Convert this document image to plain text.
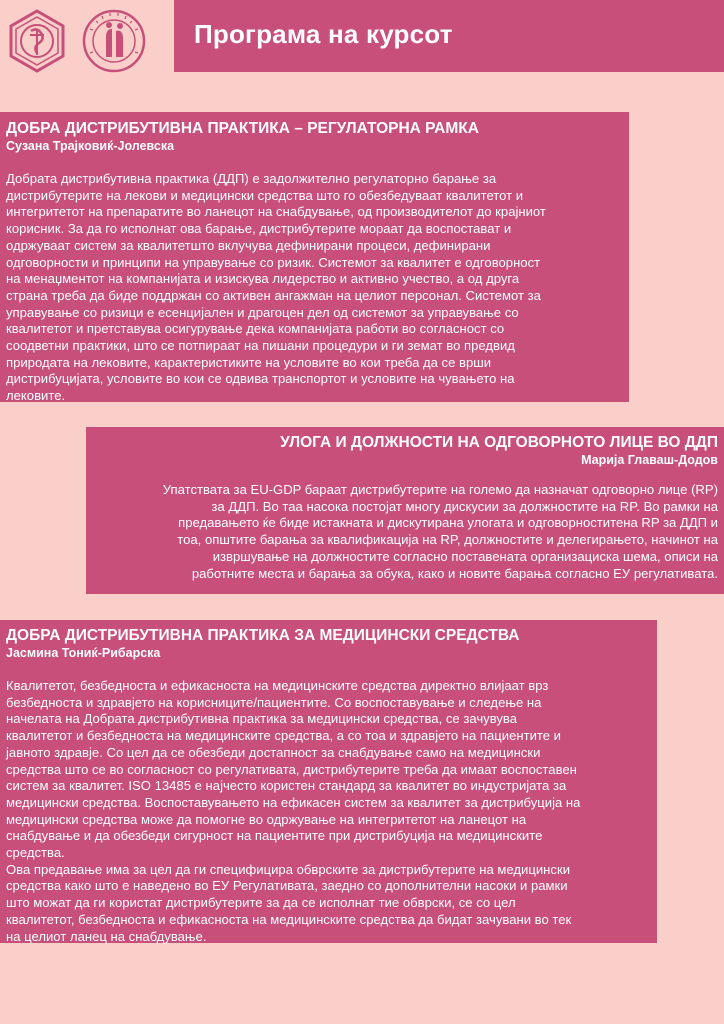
Програма на курсот
ДОБРА ДИСТРИБУТИВНА ПРАКТИКА – РЕГУЛАТОРНА РАМКА
Сузана Трајковиќ-Јолевска

Добрата дистрибутивна практика (ДДП) е задолжително регулаторно барање за
дистрибутерите на лекови и медицински средства што го обезбедуваат квалитетот и
интегритетот на препаратите во ланецот на снабдување, од производителот до крајниот
корисник. За да го исполнат ова барање, дистрибутерите мораат да воспостават и
одржуваат систем за квалитетшто вклучува дефинирани процеси, дефинирани
одговорности и принципи на управување со ризик. Системот за квалитет е одговорност
на менаџментот на компанијата и изискува лидерство и активно учество, а од друга
страна треба да биде поддржан со активен ангажман на целиот персонал. Системот за
управување со ризици е есенцијален и драгоцен дел од системот за управување со
квалитетот и претставува осигурување дека компанијата работи во согласност со
соодветни практики, што се потпираат на пишани процедури и ги земат во предвид
природата на лековите, карактеристиките на условите во кои треба да се врши
дистрибуцијата, условите во кои се одвива транспортот и условите на чувањето на
лековите.

УЛОГА И ДОЛЖНОСТИ НА ОДГОВОРНОТО ЛИЦЕ ВО ДДП
Марија Главаш-Додов

Упатствата за EU-GDP бараат дистрибутерите на големо да назначат одговорно лице (RP)
за ДДП. Во таа насока постојат многу дискусии за должностите на RP. Во рамки на
предавањето ќе биде истакната и дискутирана улогата и одговорноститена RP за ДДП и
тоа, општите барања за квалификација на RP, должностите и делегирањето, начинот на
извршување на должностите согласно поставената организациска шема, описи на
работните места и барања за обука, како и новите барања согласно ЕУ регулативата.

ДОБРА ДИСТРИБУТИВНА ПРАКТИКА ЗА МЕДИЦИНСКИ СРЕДСТВА
Јасмина Тониќ-Рибарска

Квалитетот, безбедноста и ефикасноста на медицинските средства директно влијаат врз
безбедноста и здравјето на корисниците/пациентите. Со воспоставување и следење на
начелата на Добрата дистрибутивна практика за медицински средства, се зачувува
квалитетот и безбедноста на медицинските средства, а со тоа и здравјето на пациентите и
јавното здравје. Со цел да се обезбеди достапност за снабдување само на медицински
средства што се во согласност со регулативата, дистрибутерите треба да имаат воспоставен
систем за квалитет. ISO 13485 е најчесто користен стандард за квалитет во индустријата за
медицински средства. Воспоставувањето на ефикасен систем за квалитет за дистрибуција на
медицински средства може да помогне во одржување на интегритетот на ланецот на
снабдување и да обезбеди сигурност на пациентите при дистрибуција на медицинските
средства.
Ова предавање има за цел да ги специфицира обврските за дистрибутерите на медицински
средства како што е наведено во ЕУ Регулативата, заедно со дополнителни насоки и рамки
што можат да ги користат дистрибутерите за да се исполнат тие обврски, се со цел
квалитетот, безбедноста и ефикасноста на медицинските средства да бидат зачувани во тек
на целиот ланец на снабдување.
